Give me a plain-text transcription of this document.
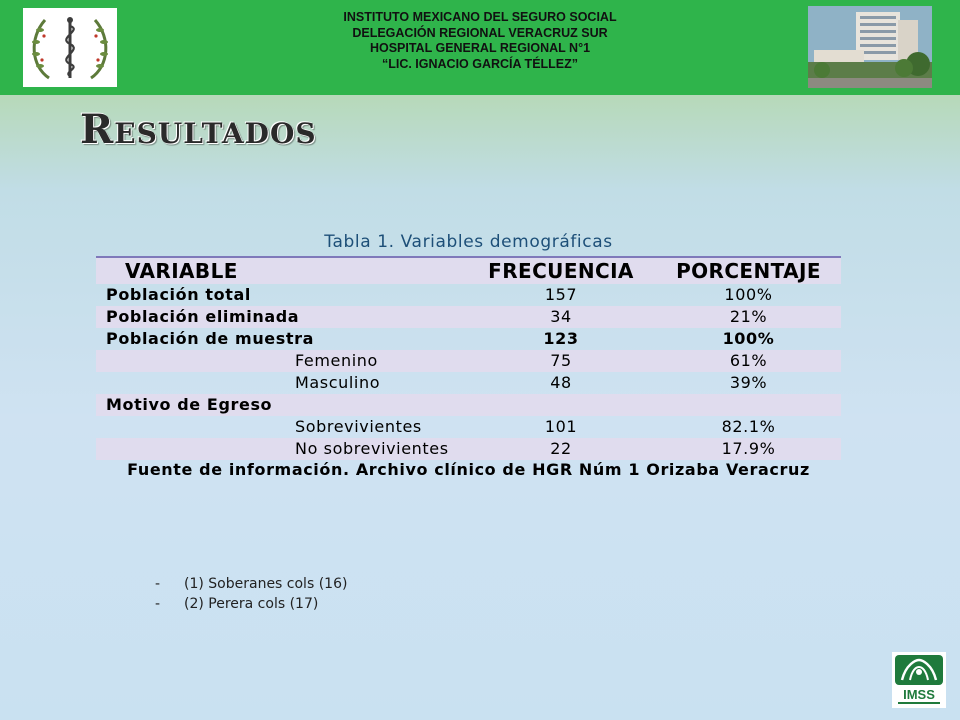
INSTITUTO MEXICANO DEL SEGURO SOCIAL
DELEGACIÓN REGIONAL VERACRUZ SUR
HOSPITAL GENERAL REGIONAL N°1
“LIC. IGNACIO GARCÍA TÉLLEZ”
Resultados
Tabla 1. Variables demográficas
VARIABLE	FRECUENCIA	PORCENTAJE
Población total	157	100%
Población eliminada	34	21%
Población de muestra	123	100%
Femenino	75	61%
Masculino	48	39%
Motivo de Egreso
Sobrevivientes	101	82.1%
No sobrevivientes	22	17.9%
Fuente de información. Archivo clínico de HGR Núm 1 Orizaba Veracruz
- (1) Soberanes cols (16)
- (2) Perera cols (17)
IMSS
